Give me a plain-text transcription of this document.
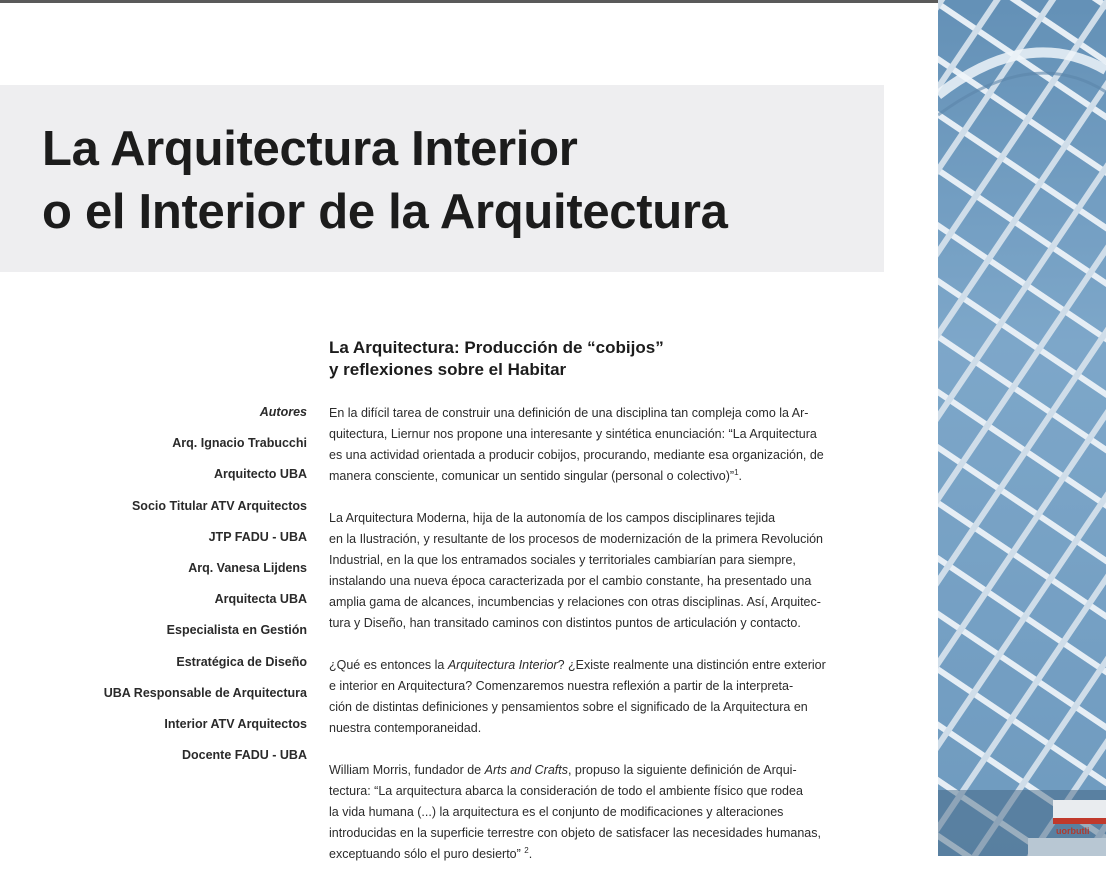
La Arquitectura Interior
o el Interior de la Arquitectura
La Arquitectura: Producción de “cobijos”
y reflexiones sobre el Habitar
Autores
Arq. Ignacio Trabucchi
Arquitecto UBA
Socio Titular ATV Arquitectos
JTP FADU - UBA
Arq. Vanesa Lijdens
Arquitecta UBA
Especialista en Gestión
Estratégica de Diseño
UBA Responsable de Arquitectura
Interior ATV Arquitectos
Docente FADU - UBA

En la difícil tarea de construir una definición de una disciplina tan compleja como la Ar-
quitectura, Liernur nos propone una interesante y sintética enunciación: “La Arquitectura
es una actividad orientada a producir cobijos, procurando, mediante esa organización, de
manera consciente, comunicar un sentido singular (personal o colectivo)”$^1$.

La Arquitectura Moderna, hija de la autonomía de los campos disciplinares tejida
en la Ilustración, y resultante de los procesos de modernización de la primera Revolución
Industrial, en la que los entramados sociales y territoriales cambiarían para siempre,
instalando una nueva época caracterizada por el cambio constante, ha presentado una
amplia gama de alcances, incumbencias y relaciones con otras disciplinas. Así, Arquitec-
tura y Diseño, han transitado caminos con distintos puntos de articulación y contacto.

¿Qué es entonces la Arquitectura Interior? ¿Existe realmente una distinción entre exterior
e interior en Arquitectura? Comenzaremos nuestra reflexión a partir de la interpreta-
ción de distintas definiciones y pensamientos sobre el significado de la Arquitectura en
nuestra contemporaneidad.

William Morris, fundador de Arts and Crafts, propuso la siguiente definición de Arqui-
tectura: “La arquitectura abarca la consideración de todo el ambiente físico que rodea
la vida humana (...) la arquitectura es el conjunto de modificaciones y alteraciones
introducidas en la superficie terrestre con objeto de satisfacer las necesidades humanas,
exceptuando sólo el puro desierto” $^2$.

uorbutli
